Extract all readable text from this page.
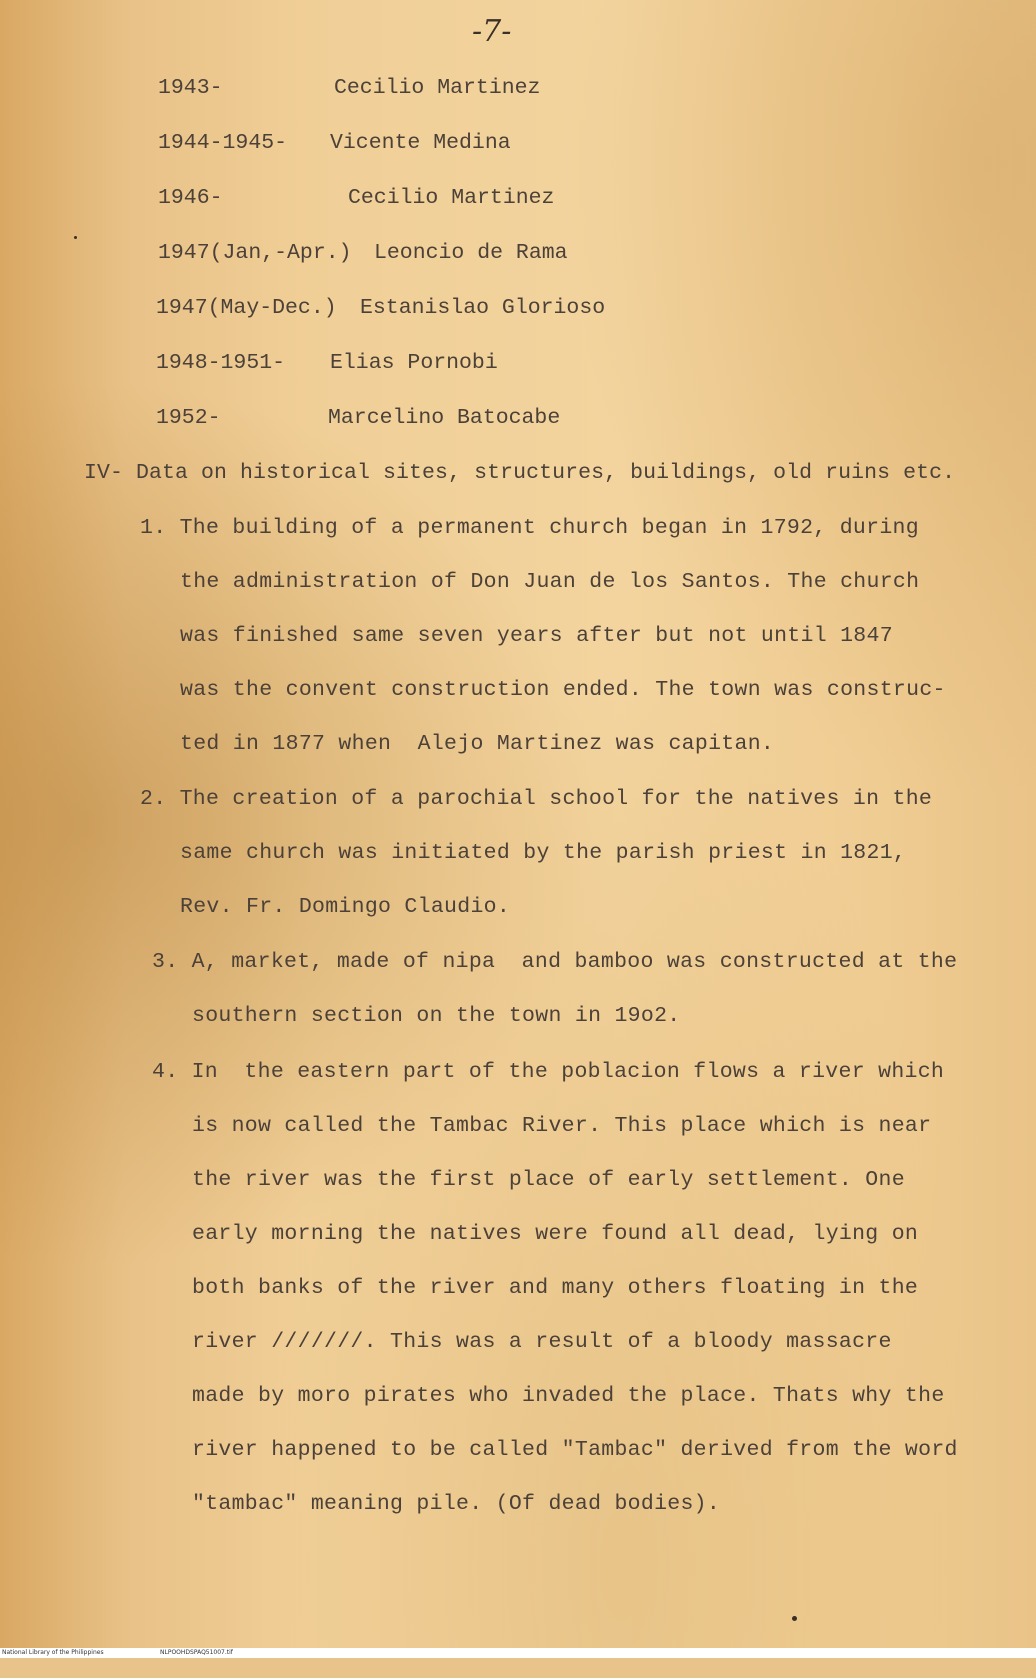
-7-
1943-	Cecilio Martinez
1944-1945- Vicente Medina
1946-	Cecilio Martinez
1947(Jan,-Apr.) Leoncio de Rama
1947(May-Dec.) Estanislao Glorioso
1948-1951- Elias Pornobi
1952-	Marcelino Batocabe
IV- Data on historical sites, structures, buildings, old ruins etc.
1. The building of a permanent church began in 1792, during
the administration of Don Juan de los Santos. The church
was finished same seven years after but not until 1847
was the convent construction ended. The town was construc-
ted in 1877 when  Alejo Martinez was capitan.
2. The creation of a parochial school for the natives in the
same church was initiated by the parish priest in 1821,
Rev. Fr. Domingo Claudio.
3. A, market, made of nipa  and bamboo was constructed at the
southern section on the town in 19o2.
4. In  the eastern part of the poblacion flows a river which
is now called the Tambac River. This place which is near
the river was the first place of early settlement. One
early morning the natives were found all dead, lying on
both banks of the river and many others floating in the
river ///////. This was a result of a bloody massacre
made by moro pirates who invaded the place. Thats why the
river happened to be called "Tambac" derived from the word
"tambac" meaning pile. (Of dead bodies).

National Library of the Philippines

	NLPOOHDSPAQ51007.tif
